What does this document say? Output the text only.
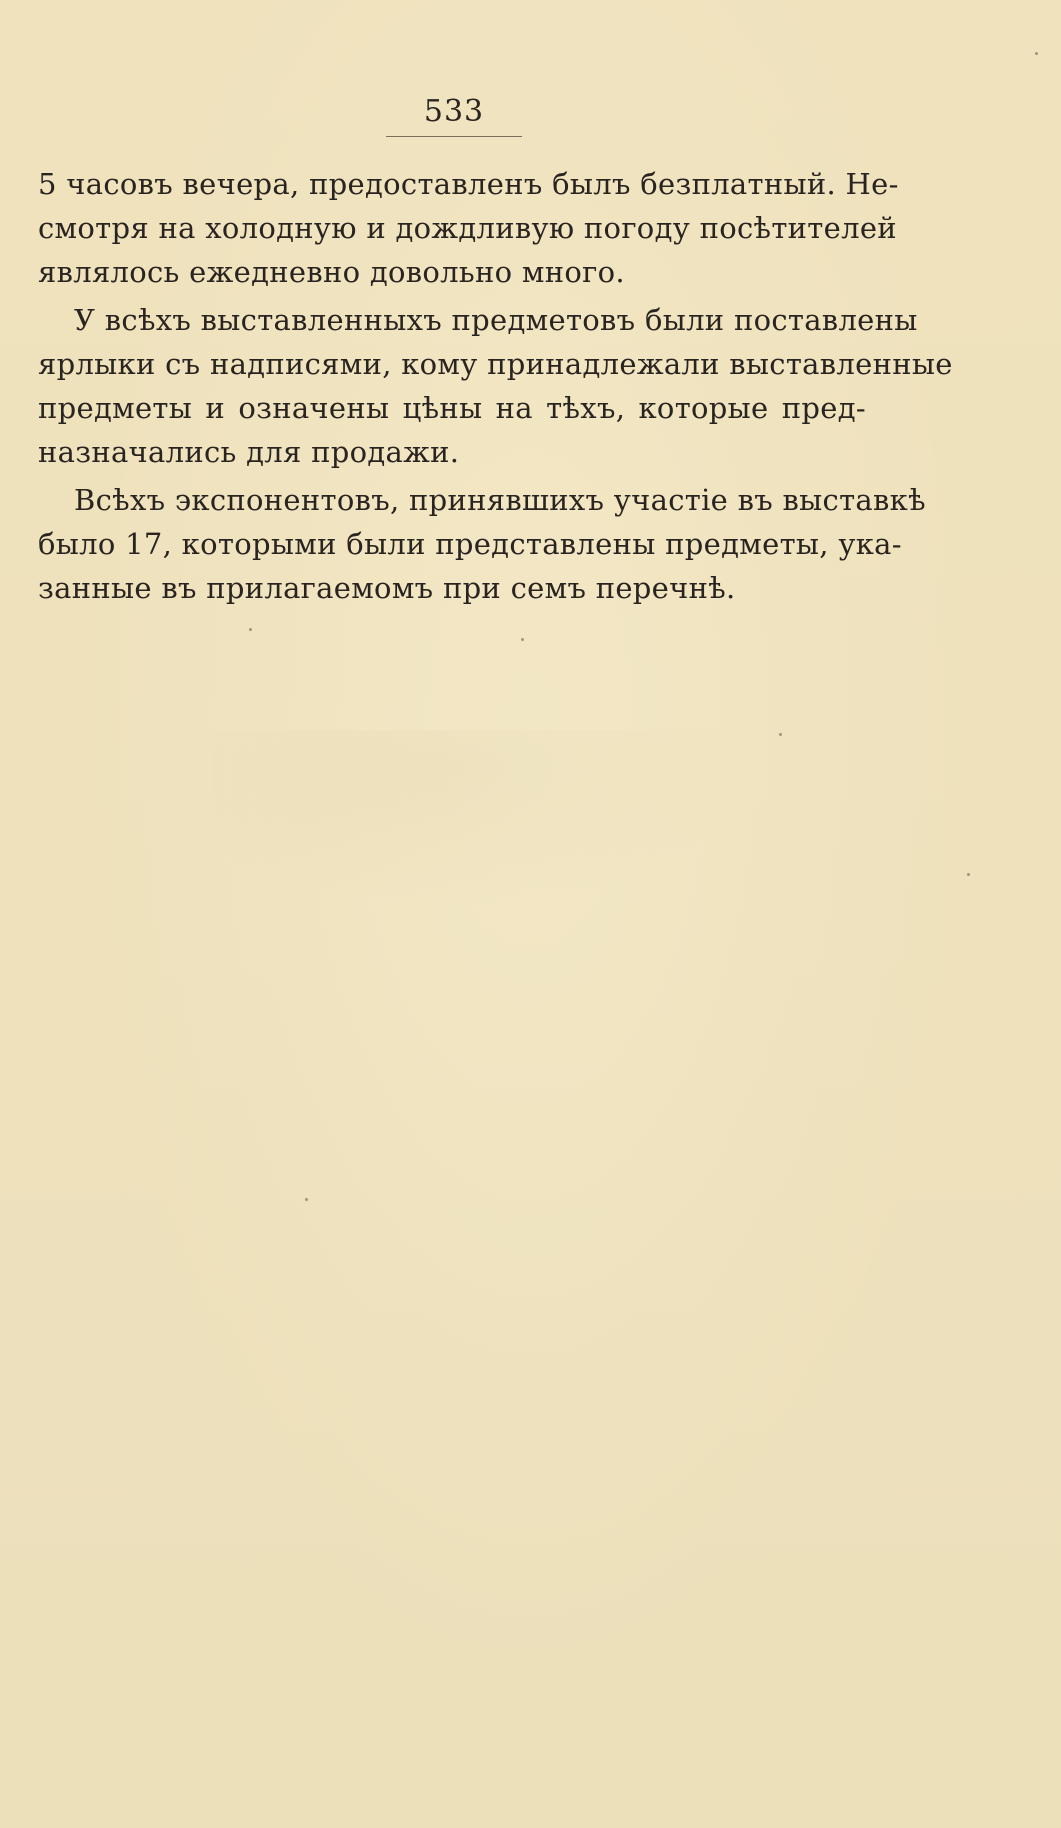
533
5 часовъ вечера, предоставленъ былъ безплатный. Не-
смотря на холодную и дождливую погоду посѣтителей
являлось ежедневно довольно много.
У всѣхъ выставленныхъ предметовъ были поставлены
ярлыки съ надписями, кому принадлежали выставленные
предметы и означены цѣны на тѣхъ, которые пред-
назначались для продажи.
Всѣхъ экспонентовъ, принявшихъ участіе въ выставкѣ
было 17, которыми были представлены предметы, ука-
занные въ прилагаемомъ при семъ перечнѣ.
